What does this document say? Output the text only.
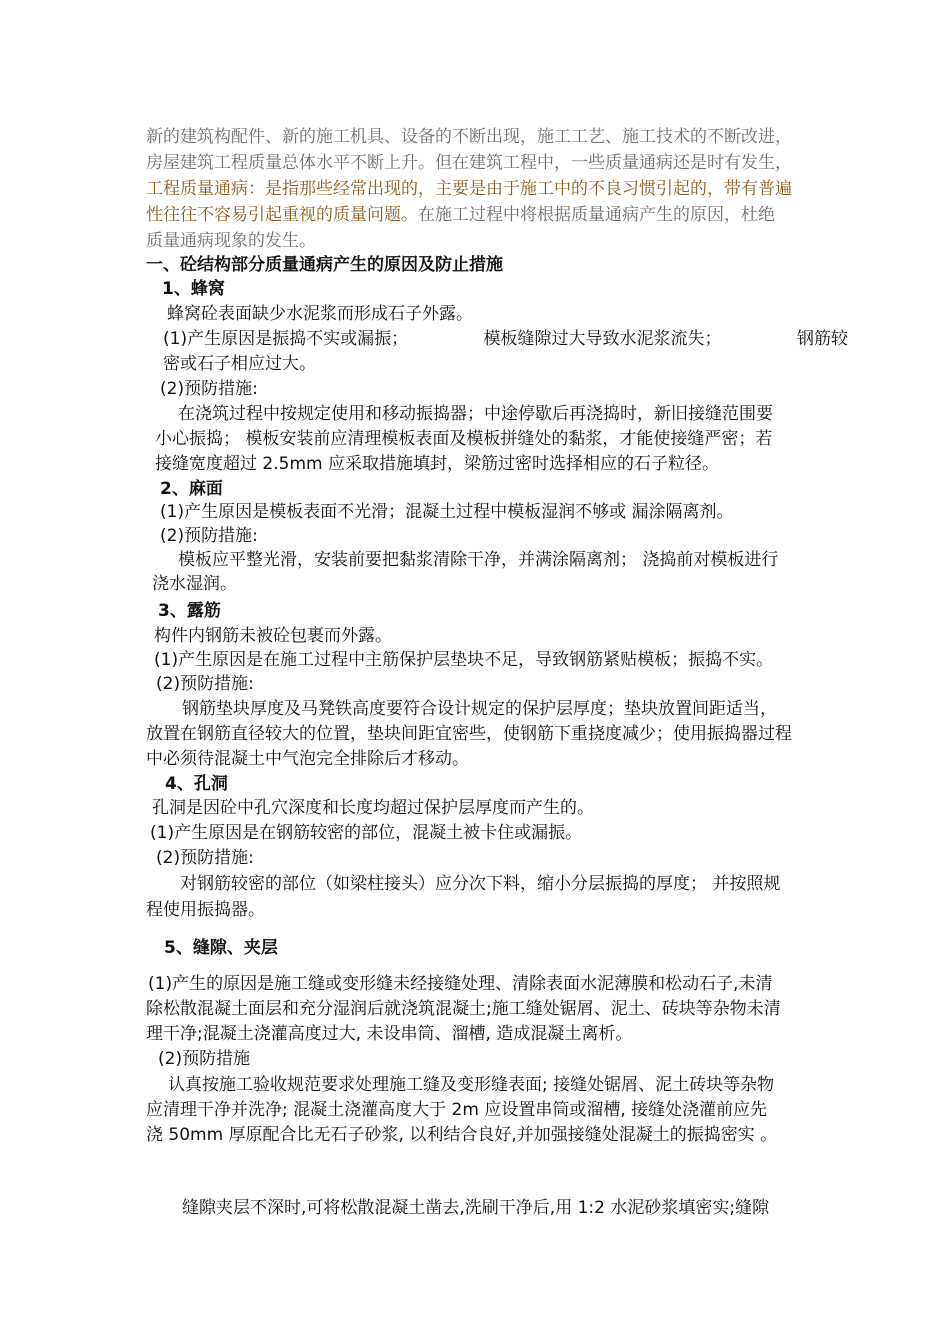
新的建筑构配件、新的施工机具、设备的不断出现，施工工艺、施工技术的不断改进，

房屋建筑工程质量总体水平不断上升。但在建筑工程中，一些质量通病还是时有发生，

工程质量通病：是指那些经常出现的，主要是由于施工中的不良习惯引起的，带有普遍

性往往不容易引起重视的质量问题。在施工过程中将根据质量通病产生的原因，杜绝

质量通病现象的发生。

一、砼结构部分质量通病产生的原因及防止措施

1、蜂窝

蜂窝砼表面缺少水泥浆而形成石子外露。

(1)产生原因是振捣不实或漏振；	模板缝隙过大导致水泥浆流失；	钢筋较

密或石子相应过大。

(2)预防措施:

在浇筑过程中按规定使用和移动振捣器；中途停歇后再浇捣时，新旧接缝范围要

小心振捣； 模板安装前应清理模板表面及模板拼缝处的黏浆，才能使接缝严密；若

接缝宽度超过 2.5mm 应采取措施填封，梁筋过密时选择相应的石子粒径。

2、麻面

(1)产生原因是模板表面不光滑；混凝土过程中模板湿润不够或 漏涂隔离剂。

(2)预防措施:

模板应平整光滑，安装前要把黏浆清除干净，并满涂隔离剂； 浇捣前对模板进行

浇水湿润。

3、露筋

构件内钢筋未被砼包裹而外露。

(1)产生原因是在施工过程中主筋保护层垫块不足，导致钢筋紧贴模板；振捣不实。

(2)预防措施:

钢筋垫块厚度及马凳铁高度要符合设计规定的保护层厚度；垫块放置间距适当，

放置在钢筋直径较大的位置，垫块间距宜密些，使钢筋下重挠度减少；使用振捣器过程

中必须待混凝土中气泡完全排除后才移动。

4、孔洞

孔洞是因砼中孔穴深度和长度均超过保护层厚度而产生的。

(1)产生原因是在钢筋较密的部位，混凝土被卡住或漏振。

(2)预防措施:

对钢筋较密的部位（如梁柱接头）应分次下料，缩小分层振捣的厚度； 并按照规

程使用振捣器。

5、缝隙、夹层

(1)产生的原因是施工缝或变形缝未经接缝处理、清除表面水泥薄膜和松动石子,未清

除松散混凝土面层和充分湿润后就浇筑混凝土;施工缝处锯屑、泥土、砖块等杂物未清

理干净;混凝土浇灌高度过大, 未设串筒、溜槽, 造成混凝土离析。

(2)预防措施

认真按施工验收规范要求处理施工缝及变形缝表面; 接缝处锯屑、泥土砖块等杂物

应清理干净并洗净; 混凝土浇灌高度大于 2m 应设置串筒或溜槽, 接缝处浇灌前应先

浇 50mm 厚原配合比无石子砂浆, 以利结合良好,并加强接缝处混凝土的振捣密实 。

缝隙夹层不深时,可将松散混凝土凿去,洗刷干净后,用 1:2 水泥砂浆填密实;缝隙
